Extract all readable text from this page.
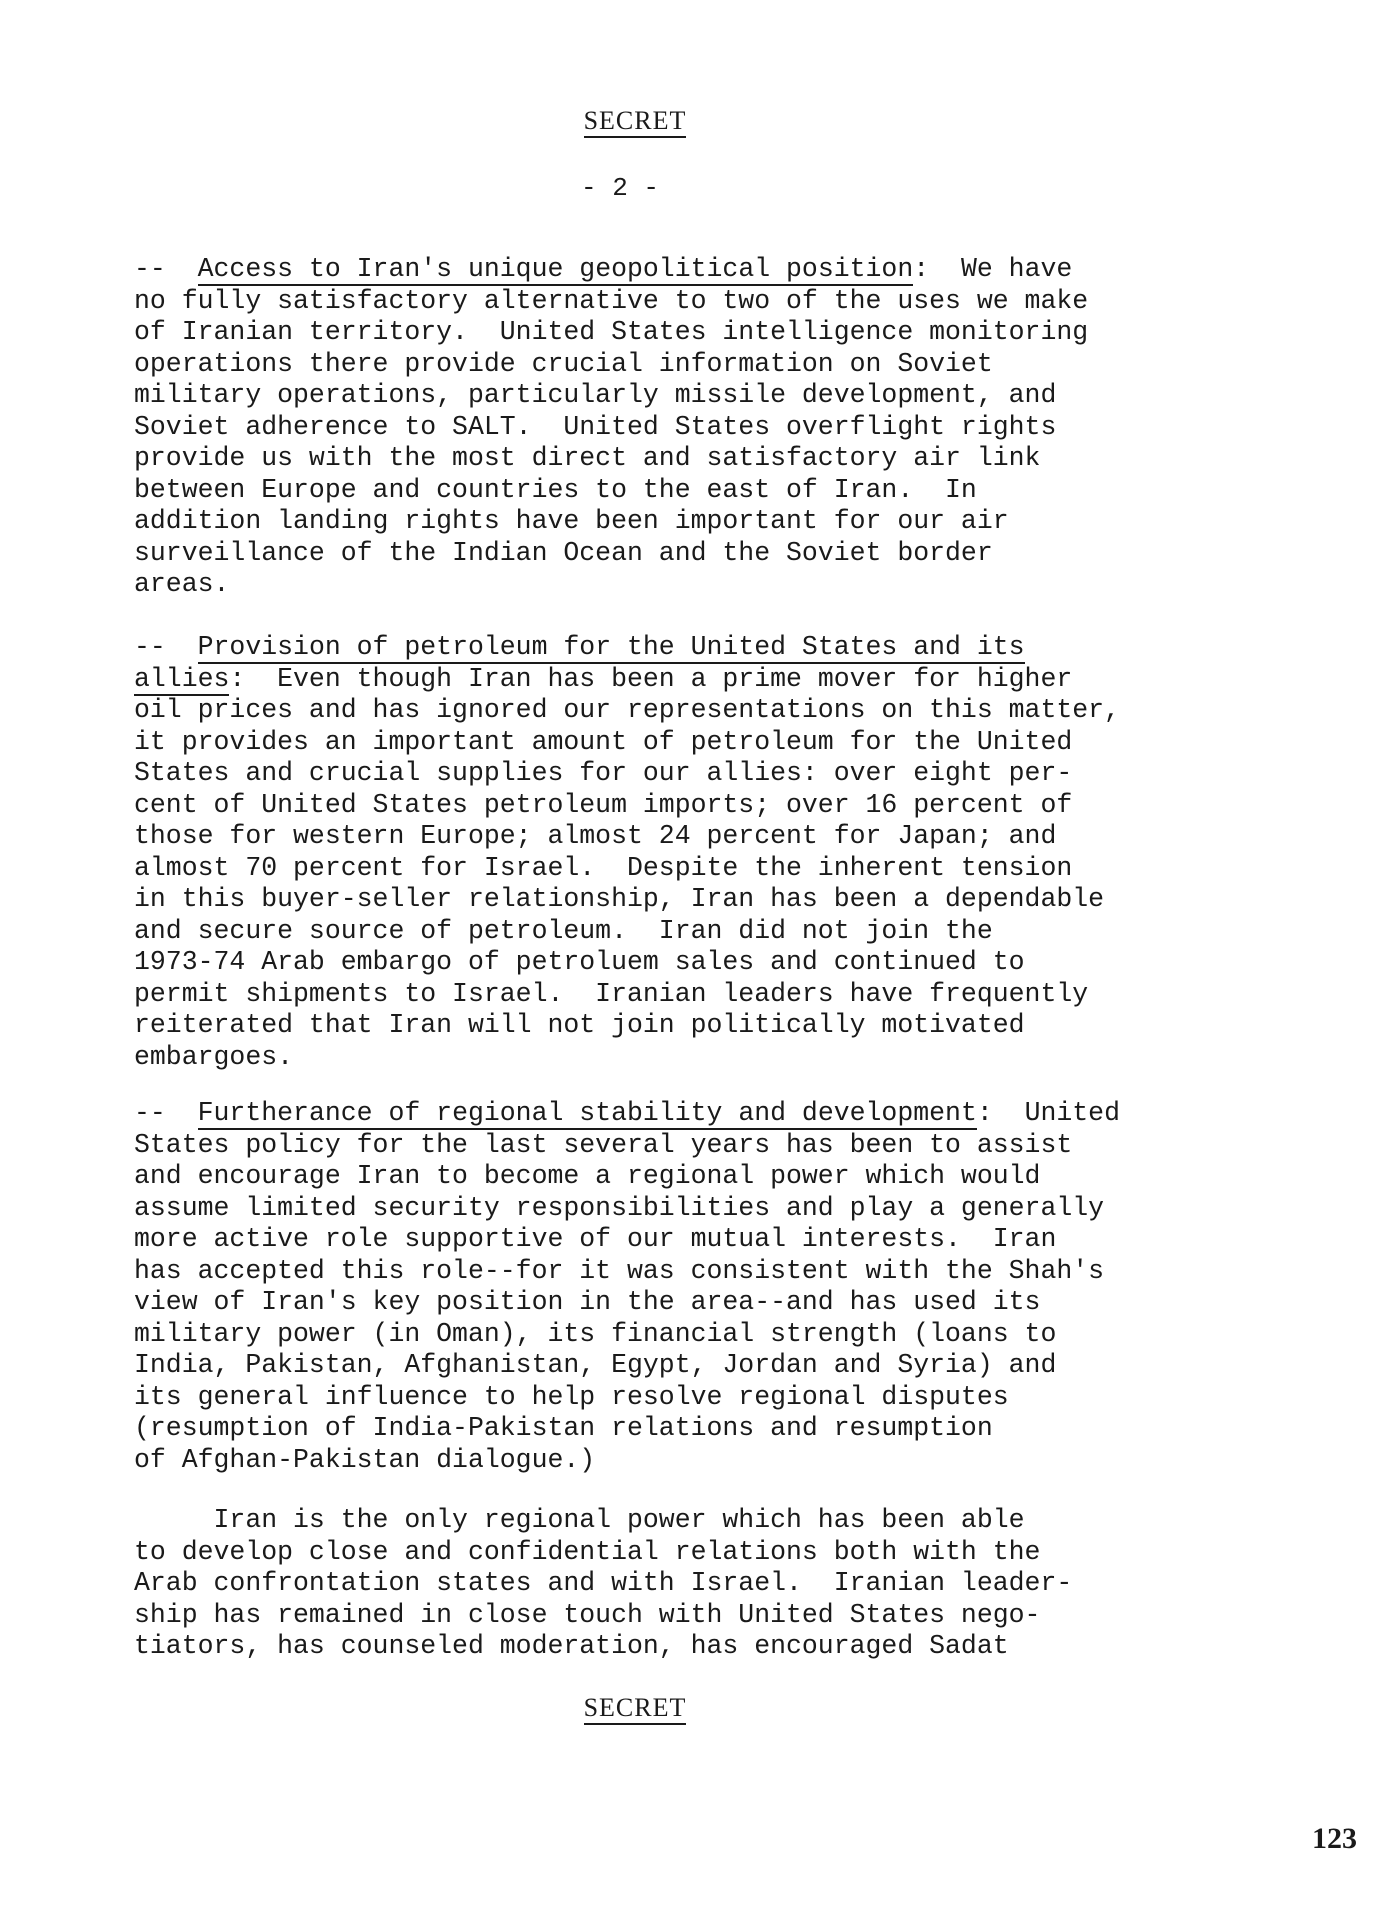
SECRET
- 2 -
--  Access to Iran's unique geopolitical position:  We have
no fully satisfactory alternative to two of the uses we make
of Iranian territory.  United States intelligence monitoring
operations there provide crucial information on Soviet
military operations, particularly missile development, and
Soviet adherence to SALT.  United States overflight rights
provide us with the most direct and satisfactory air link
between Europe and countries to the east of Iran.  In
addition landing rights have been important for our air
surveillance of the Indian Ocean and the Soviet border
areas.
--  Provision of petroleum for the United States and its
allies:  Even though Iran has been a prime mover for higher
oil prices and has ignored our representations on this matter,
it provides an important amount of petroleum for the United
States and crucial supplies for our allies: over eight per-
cent of United States petroleum imports; over 16 percent of
those for western Europe; almost 24 percent for Japan; and
almost 70 percent for Israel.  Despite the inherent tension
in this buyer-seller relationship, Iran has been a dependable
and secure source of petroleum.  Iran did not join the
1973-74 Arab embargo of petroluem sales and continued to
permit shipments to Israel.  Iranian leaders have frequently
reiterated that Iran will not join politically motivated
embargoes.
--  Furtherance of regional stability and development:  United
States policy for the last several years has been to assist
and encourage Iran to become a regional power which would
assume limited security responsibilities and play a generally
more active role supportive of our mutual interests.  Iran
has accepted this role--for it was consistent with the Shah's
view of Iran's key position in the area--and has used its
military power (in Oman), its financial strength (loans to
India, Pakistan, Afghanistan, Egypt, Jordan and Syria) and
its general influence to help resolve regional disputes
(resumption of India-Pakistan relations and resumption
of Afghan-Pakistan dialogue.)
Iran is the only regional power which has been able
to develop close and confidential relations both with the
Arab confrontation states and with Israel.  Iranian leader-
ship has remained in close touch with United States nego-
tiators, has counseled moderation, has encouraged Sadat
SECRET
123
